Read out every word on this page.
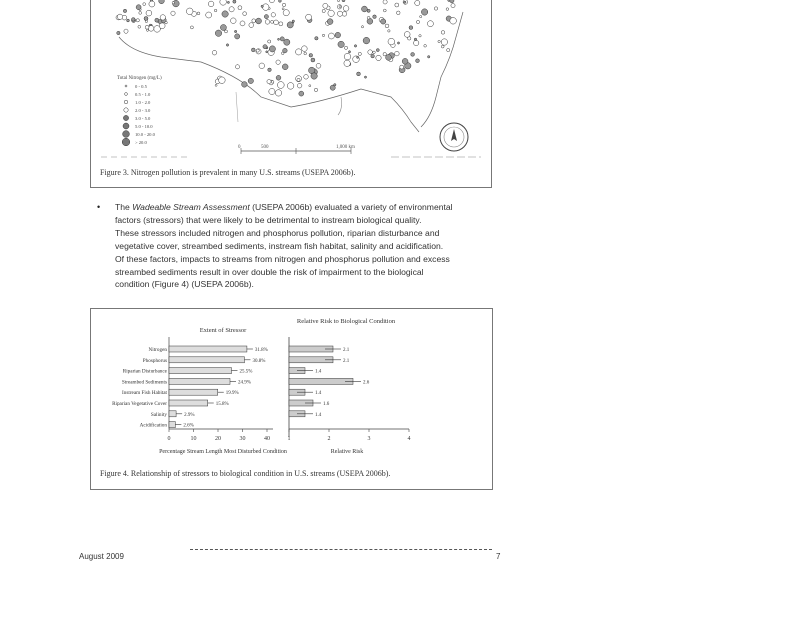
0	500	1,000 km
Total Nitrogen (mg/L)
0 - 0.5
0.5 - 1.0
1.0 - 2.0
2.0 - 3.0
3.0 - 5.0
5.0 - 10.0
10.0 - 20.0
> 20.0
Figure 3. Nitrogen pollution is prevalent in many U.S. streams (USEPA 2006b).
• The Wadeable Stream Assessment (USEPA 2006b) evaluated a variety of environmental
factors (stressors) that were likely to be detrimental to instream biological quality.
These stressors included nitrogen and phosphorus pollution, riparian disturbance and
vegetative cover, streambed sediments, instream fish habitat, salinity and acidification.
Of these factors, impacts to streams from nitrogen and phosphorus pollution and excess
streambed sediments result in over double the risk of impairment to the biological
condition (Figure 4) (USEPA 2006b).
Extent of Stressor
Relative Risk to Biological Condition
Nitrogen	31.8%	2.1
Phosphorus	30.8%	2.1
Riparian Disturbance	25.5%	1.4
Streambed Sediments	24.9%	2.6
Instream Fish Habitat	19.9%	1.4
Riparian Vegetative Cover	15.8%	1.6
Salinity	2.9%	1.4
Acidification	2.6%
0	10	20	30	40	1	2	3	4
Percentage Stream Length Most Disturbed Condition	Relative Risk
Figure 4. Relationship of stressors to biological condition in U.S. streams (USEPA 2006b).
August 2009	7
